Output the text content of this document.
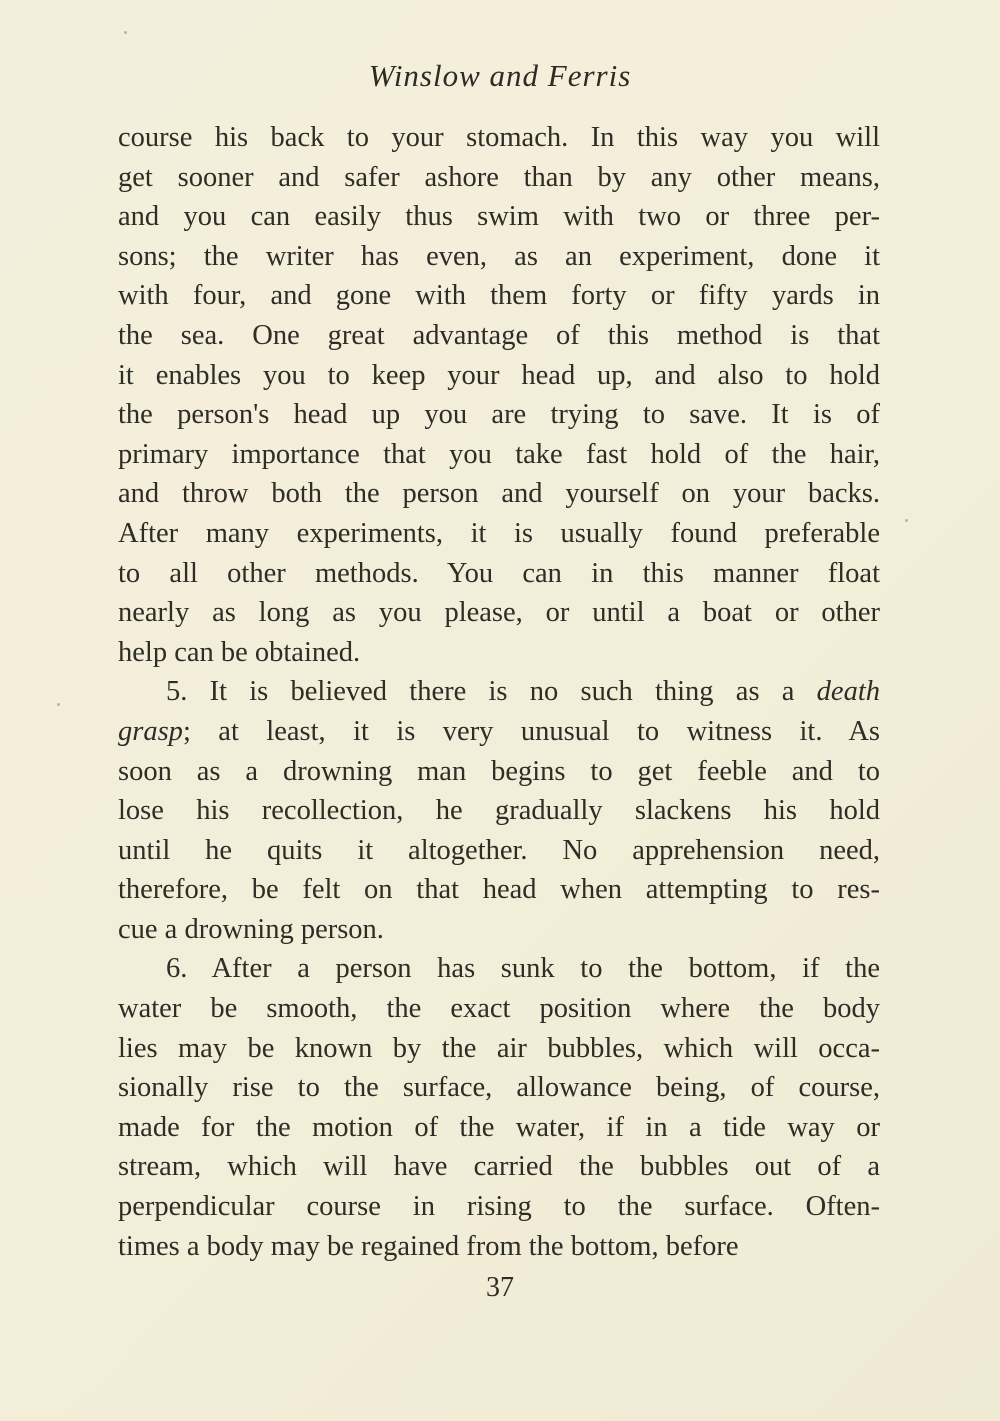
Winslow and Ferris
course his back to your stomach. In this way you will
get sooner and safer ashore than by any other means,
and you can easily thus swim with two or three per-
sons; the writer has even, as an experiment, done it
with four, and gone with them forty or fifty yards in
the sea. One great advantage of this method is that
it enables you to keep your head up, and also to hold
the person's head up you are trying to save. It is of
primary importance that you take fast hold of the hair,
and throw both the person and yourself on your backs.
After many experiments, it is usually found preferable
to all other methods. You can in this manner float
nearly as long as you please, or until a boat or other
help can be obtained.
5. It is believed there is no such thing as a death
grasp; at least, it is very unusual to witness it. As
soon as a drowning man begins to get feeble and to
lose his recollection, he gradually slackens his hold
until he quits it altogether. No apprehension need,
therefore, be felt on that head when attempting to res-
cue a drowning person.
6. After a person has sunk to the bottom, if the
water be smooth, the exact position where the body
lies may be known by the air bubbles, which will occa-
sionally rise to the surface, allowance being, of course,
made for the motion of the water, if in a tide way or
stream, which will have carried the bubbles out of a
perpendicular course in rising to the surface. Often-
times a body may be regained from the bottom, before
37
